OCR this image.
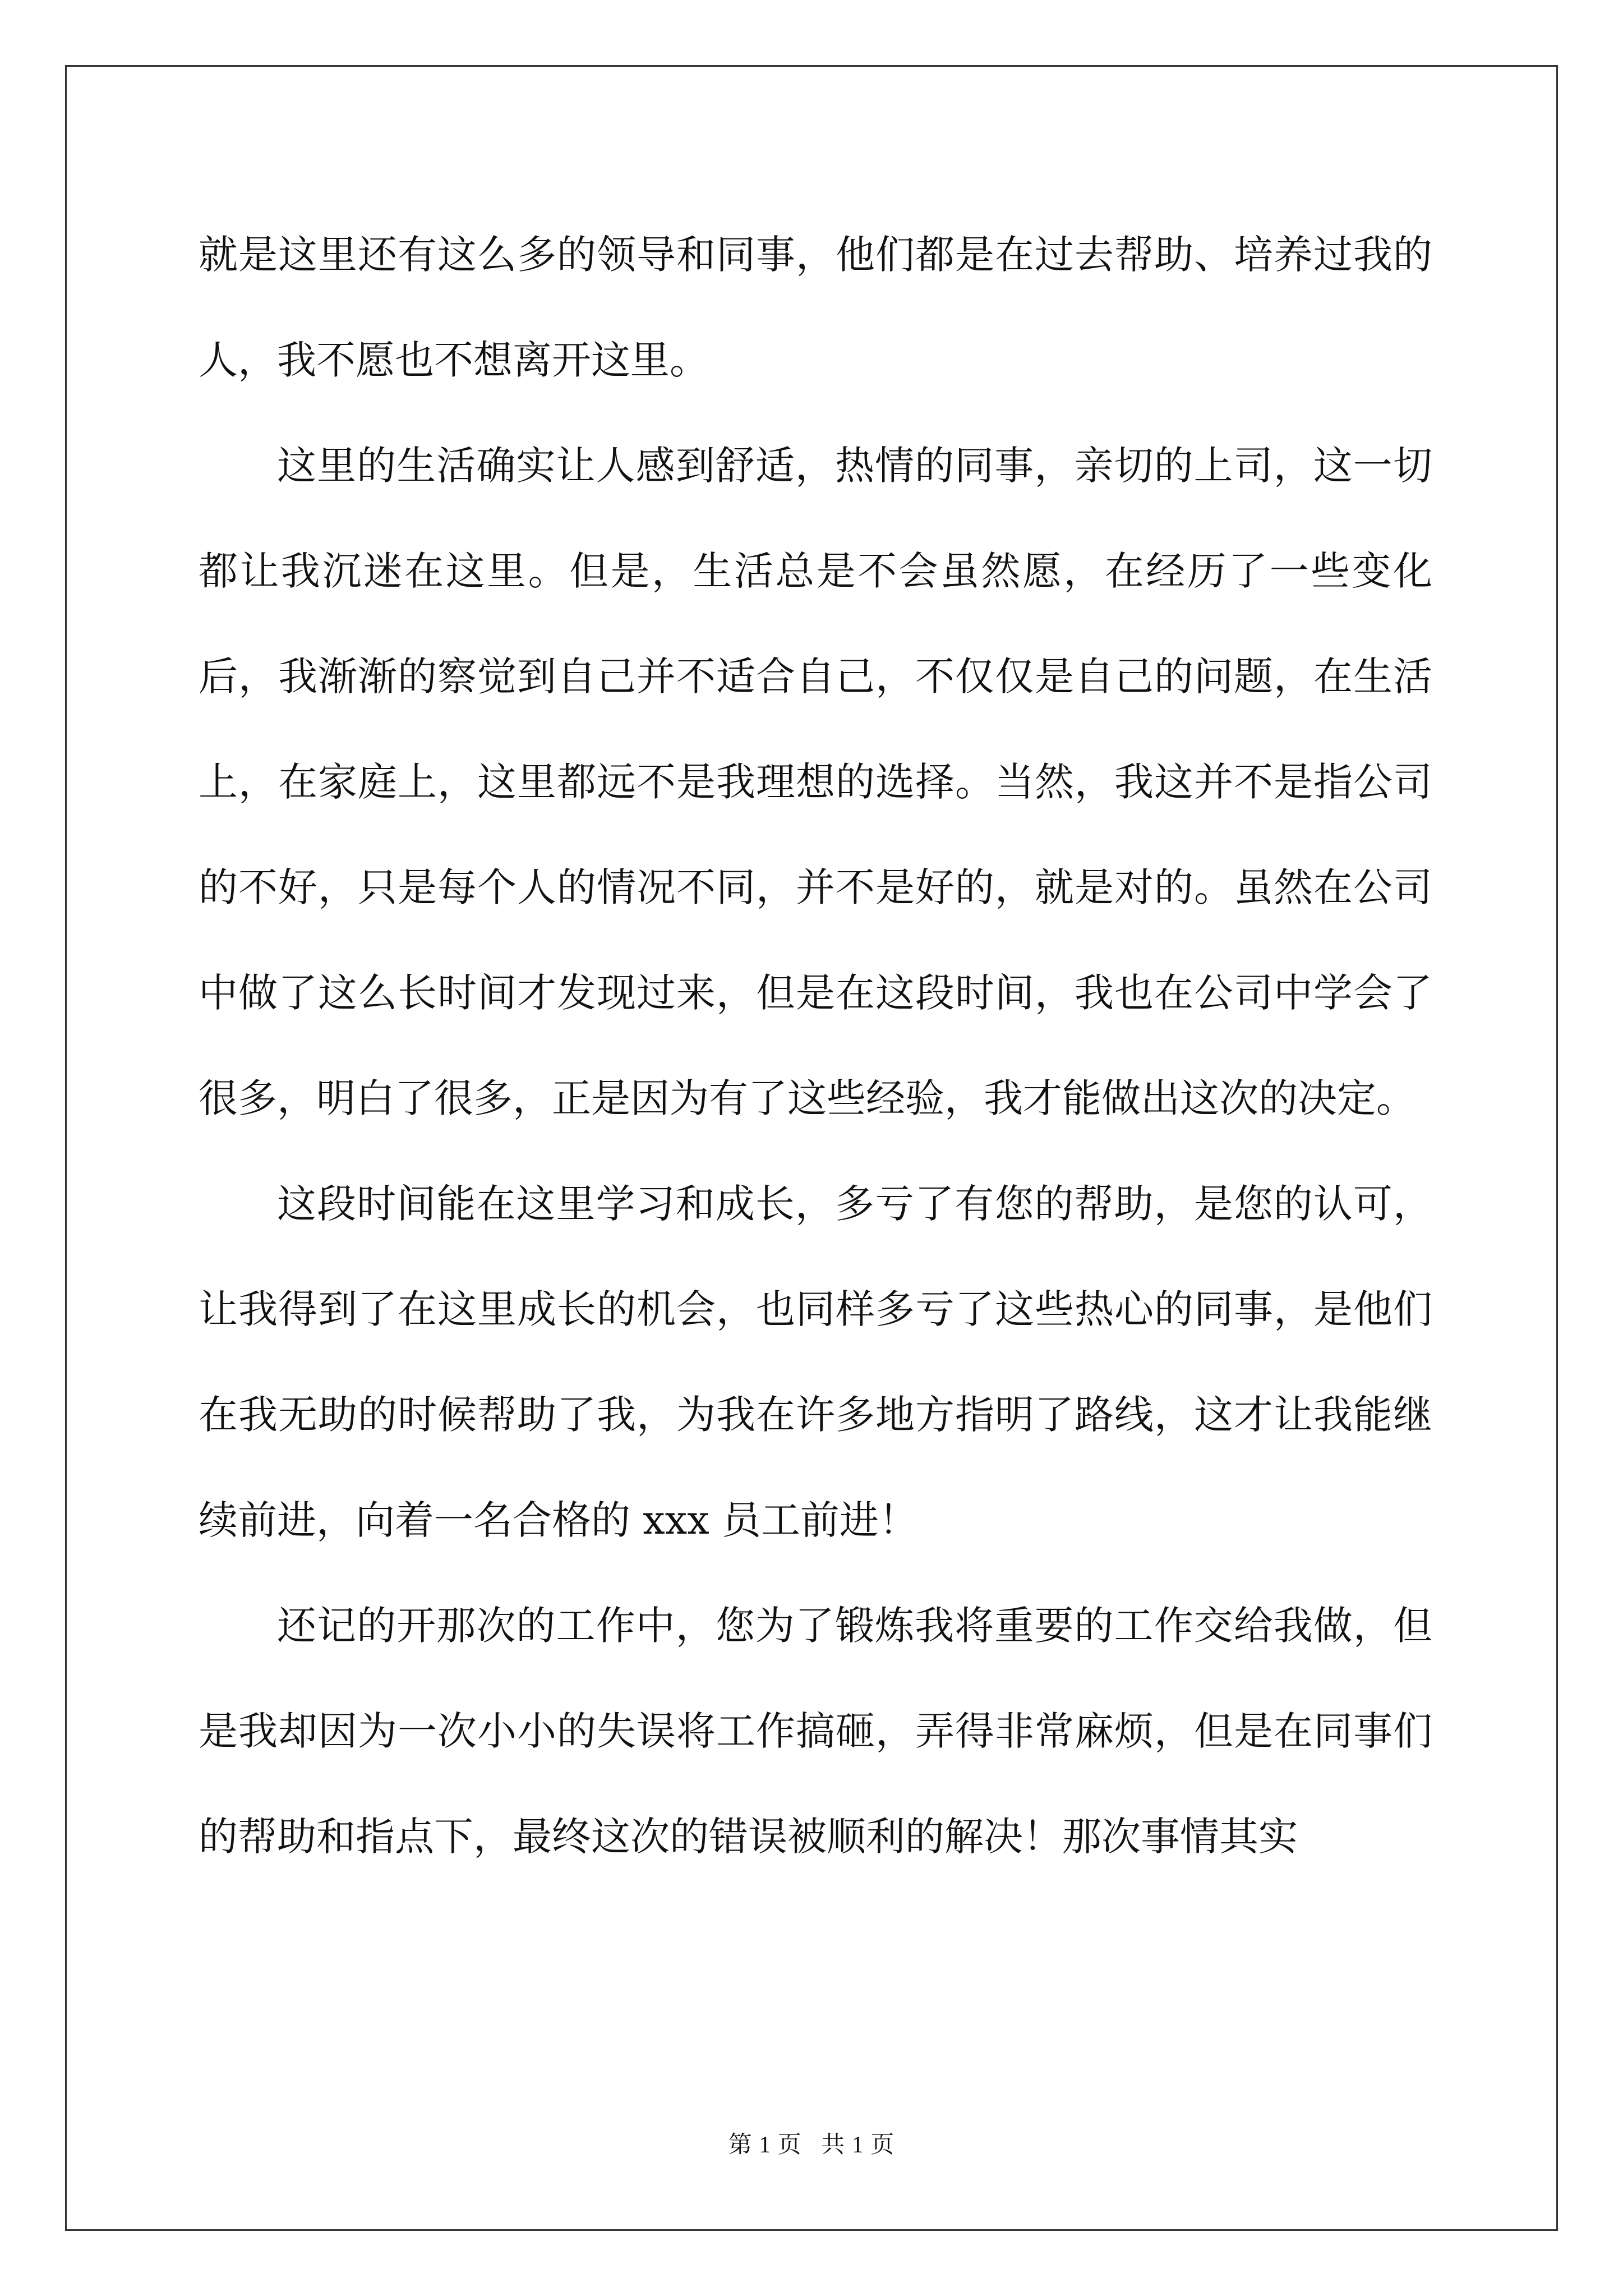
就是这里还有这么多的领导和同事，他们都是在过去帮助、培养过我的人，我不愿也不想离开这里。

这里的生活确实让人感到舒适，热情的同事，亲切的上司，这一切都让我沉迷在这里。但是，生活总是不会虽然愿，在经历了一些变化后，我渐渐的察觉到自己并不适合自己，不仅仅是自己的问题，在生活上，在家庭上，这里都远不是我理想的选择。当然，我这并不是指公司的不好，只是每个人的情况不同，并不是好的，就是对的。虽然在公司中做了这么长时间才发现过来，但是在这段时间，我也在公司中学会了很多，明白了很多，正是因为有了这些经验，我才能做出这次的决定。

这段时间能在这里学习和成长，多亏了有您的帮助，是您的认可，让我得到了在这里成长的机会，也同样多亏了这些热心的同事，是他们在我无助的时候帮助了我，为我在许多地方指明了路线，这才让我能继续前进，向着一名合格的 xxx 员工前进！

还记的开那次的工作中，您为了锻炼我将重要的工作交给我做，但是我却因为一次小小的失误将工作搞砸，弄得非常麻烦，但是在同事们的帮助和指点下，最终这次的错误被顺利的解决！那次事情其实

第 1 页 共 1 页
